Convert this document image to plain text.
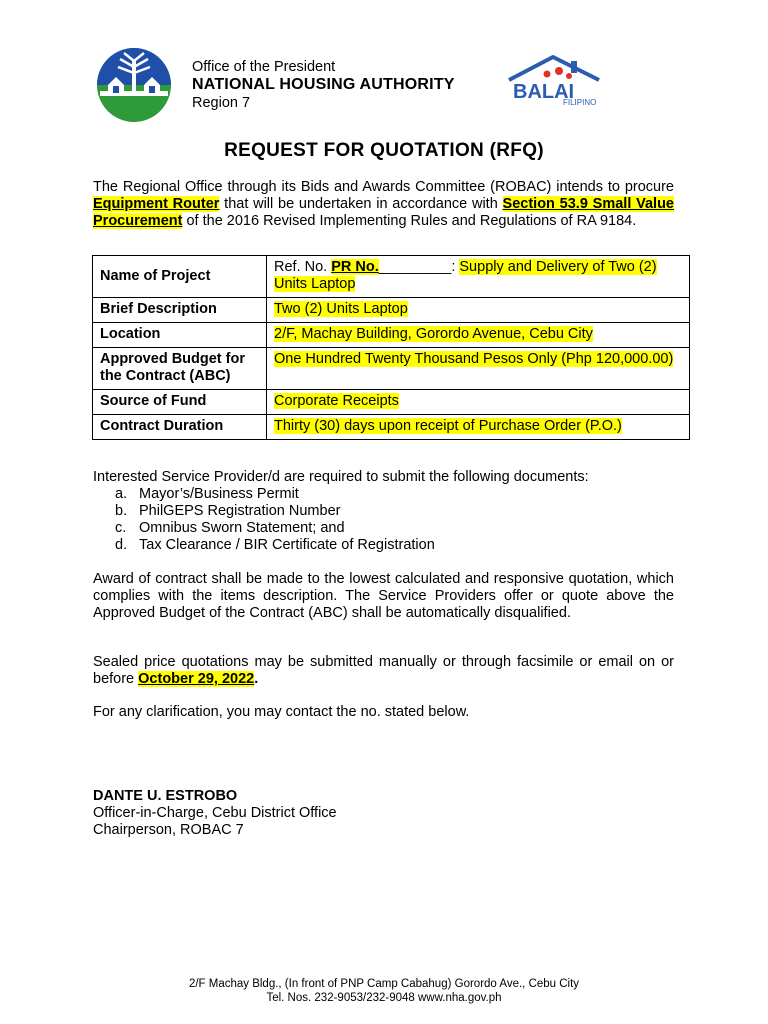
Office of the President
NATIONAL HOUSING AUTHORITY
Region 7	BALAI
FILIPINO
REQUEST FOR QUOTATION (RFQ)
The Regional Office through its Bids and Awards Committee (ROBAC) intends to procure Equipment Router that will be undertaken in accordance with Section 53.9 Small Value Procurement of the 2016 Revised Implementing Rules and Regulations of RA 9184.
Name of Project	Ref. No. PR No._________: Supply and Delivery of Two (2) Units Laptop
Brief Description	Two (2) Units Laptop
Location	2/F, Machay Building, Gorordo Avenue, Cebu City
Approved Budget for the Contract (ABC)	One Hundred Twenty Thousand Pesos Only (Php 120,000.00)
Source of Fund	Corporate Receipts
Contract Duration	Thirty (30) days upon receipt of Purchase Order (P.O.)
Interested Service Provider/d are required to submit the following documents:
a. Mayor’s/Business Permit
b. PhilGEPS Registration Number
c. Omnibus Sworn Statement; and
d. Tax Clearance / BIR Certificate of Registration
Award of contract shall be made to the lowest calculated and responsive quotation, which complies with the items description. The Service Providers offer or quote above the Approved Budget of the Contract (ABC) shall be automatically disqualified.
Sealed price quotations may be submitted manually or through facsimile or email on or before October 29, 2022.
For any clarification, you may contact the no. stated below.
DANTE U. ESTROBO
Officer-in-Charge, Cebu District Office
Chairperson, ROBAC 7
2/F Machay Bldg., (In front of PNP Camp Cabahug) Gorordo Ave., Cebu City
Tel. Nos. 232-9053/232-9048 www.nha.gov.ph
